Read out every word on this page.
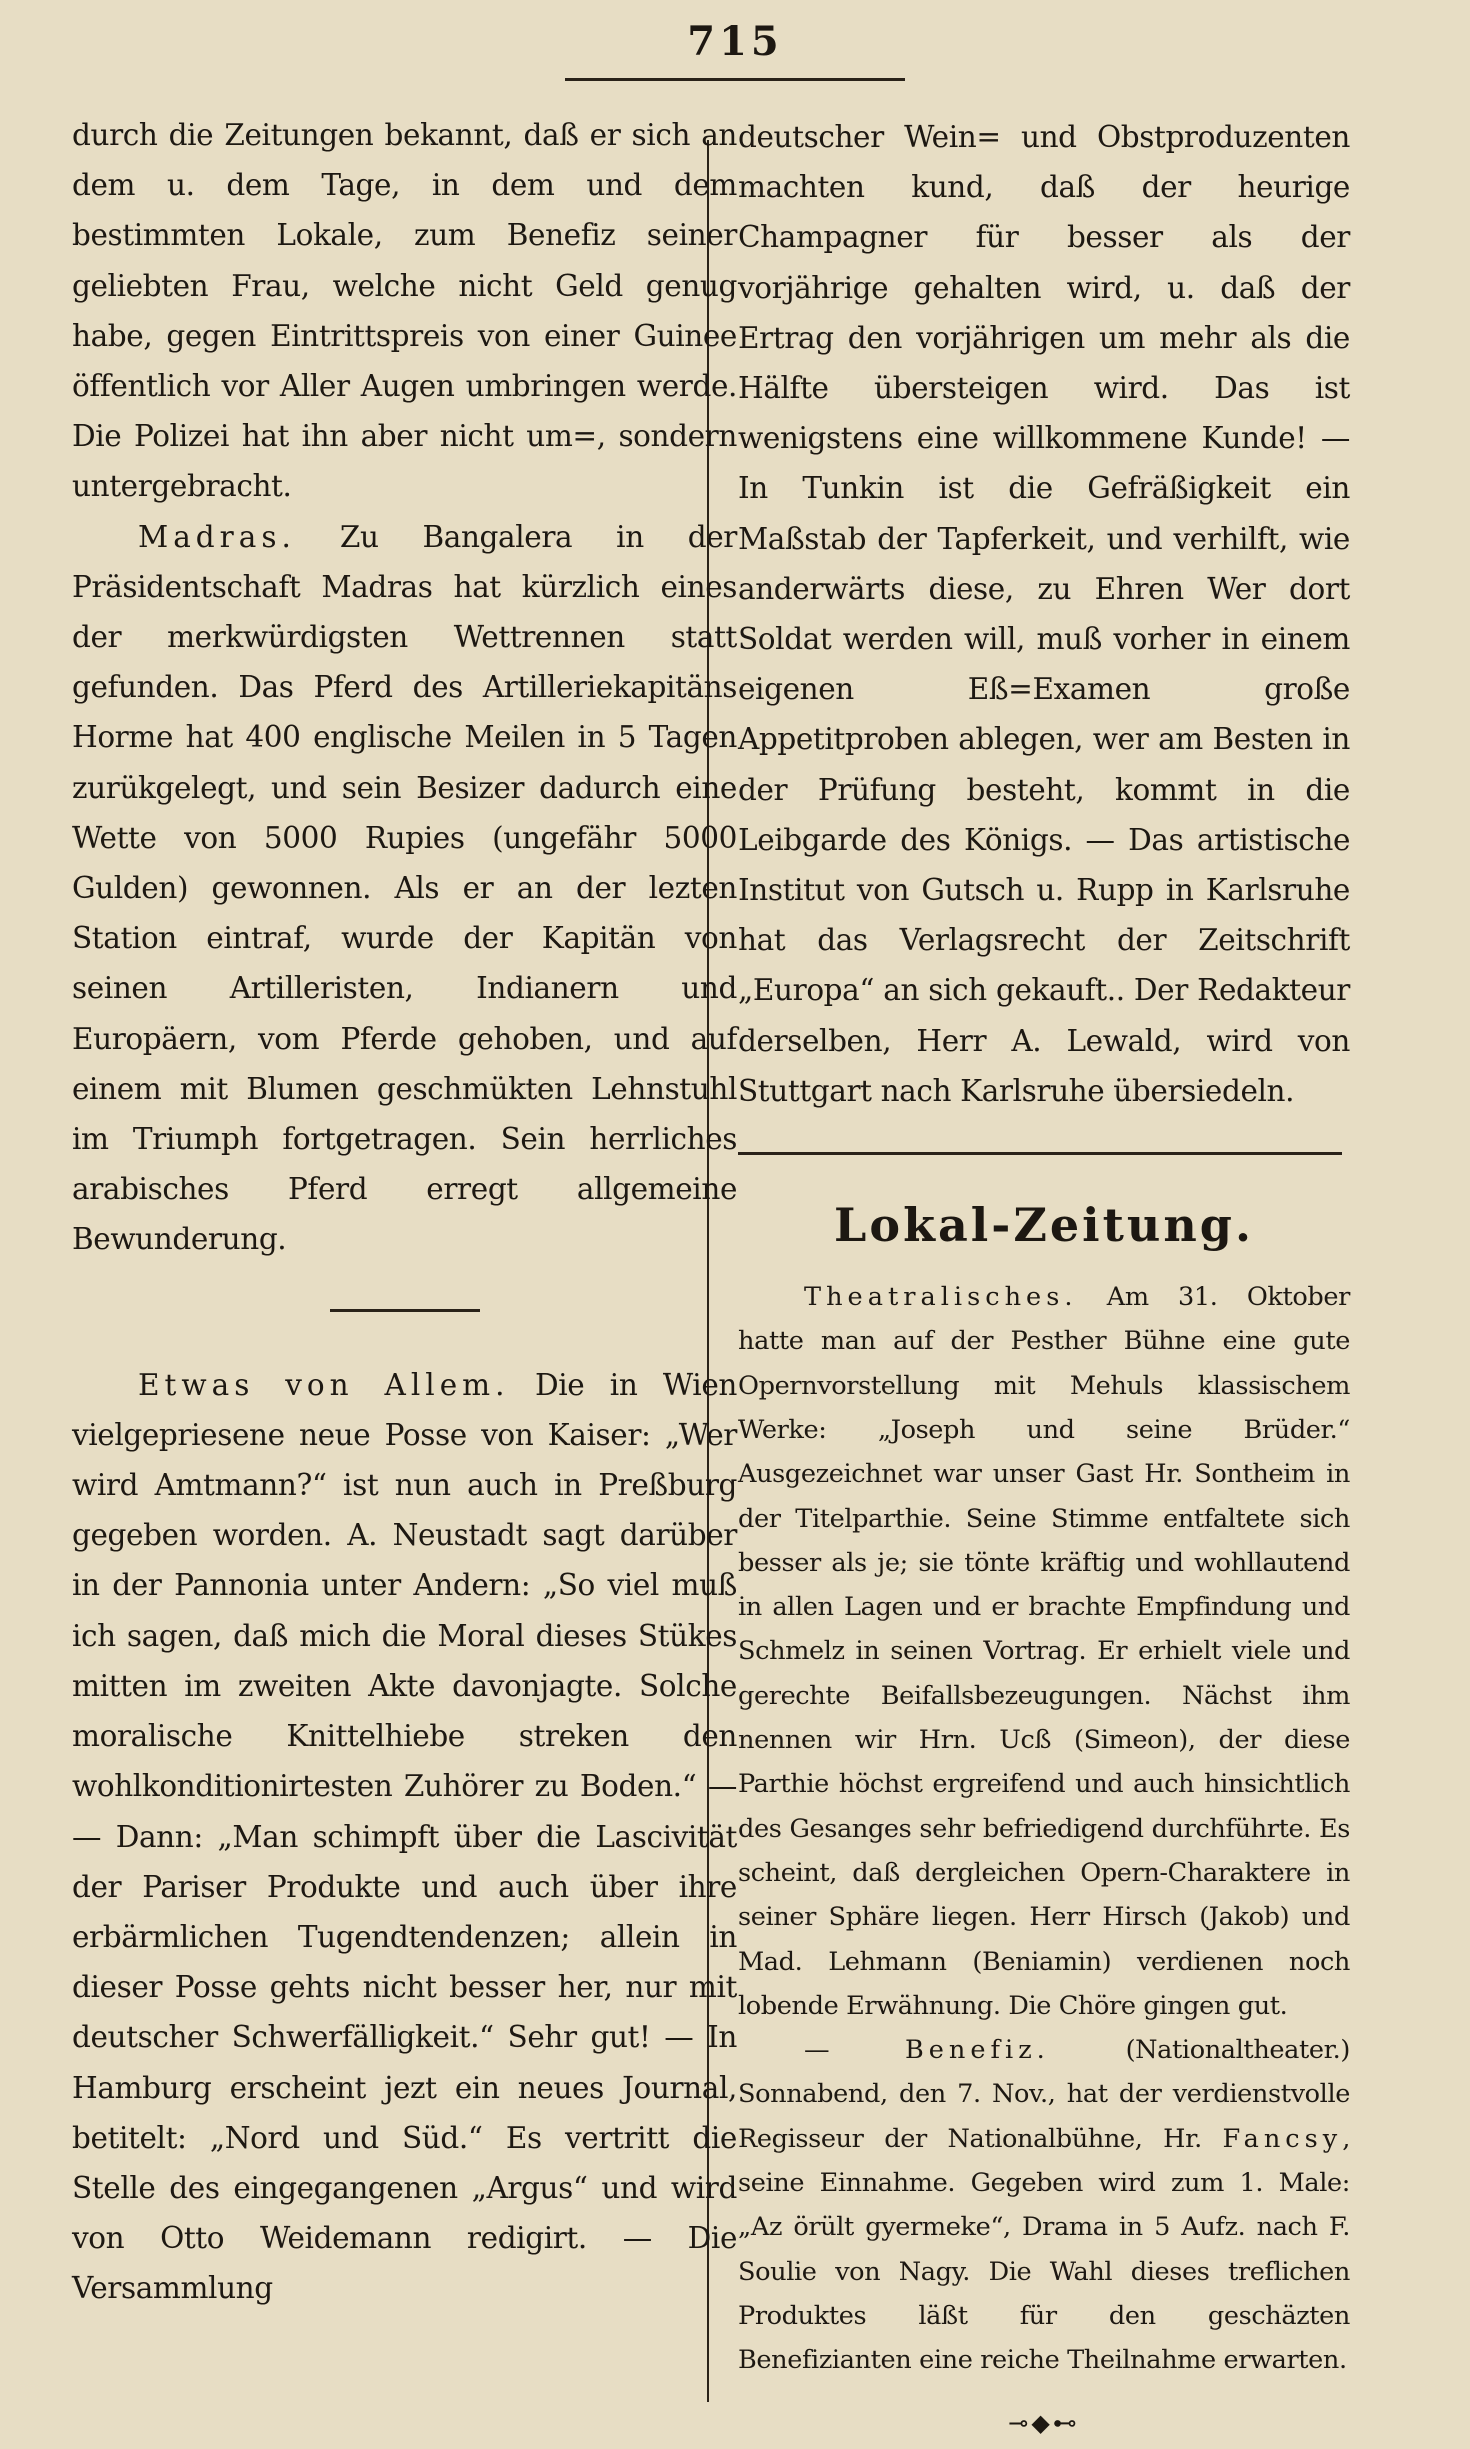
715

durch die Zeitungen bekannt, daß er sich an dem u. dem Tage, in dem und dem bestimmten Lokale, zum Benefiz seiner geliebten Frau, welche nicht Geld genug habe, gegen Eintrittspreis von einer Guinee öffentlich vor Aller Augen umbringen werde. Die Polizei hat ihn aber nicht um=, sondern untergebracht.

Madras. Zu Bangalera in der Präsidentschaft Madras hat kürzlich eines der merkwürdigsten Wettrennen statt gefunden. Das Pferd des Artilleriekapitäns Horme hat 400 englische Meilen in 5 Tagen zurükgelegt, und sein Besizer dadurch eine Wette von 5000 Rupies (ungefähr 5000 Gulden) gewonnen. Als er an der lezten Station eintraf, wurde der Kapitän von seinen Artilleristen, Indianern und Europäern, vom Pferde gehoben, und auf einem mit Blumen geschmükten Lehnstuhl im Triumph fortgetragen. Sein herrliches arabisches Pferd erregt allgemeine Bewunderung.

Etwas von Allem. Die in Wien vielgepriesene neue Posse von Kaiser: „Wer wird Amtmann?“ ist nun auch in Preßburg gegeben worden. A. Neustadt sagt darüber in der Pannonia unter Andern: „So viel muß ich sagen, daß mich die Moral dieses Stükes mitten im zweiten Akte davonjagte. Solche moralische Knittelhiebe streken den wohlkonditionirtesten Zuhörer zu Boden.“ — — Dann: „Man schimpft über die Lascivität der Pariser Produkte und auch über ihre erbärmlichen Tugendtendenzen; allein in dieser Posse gehts nicht besser her, nur mit deutscher Schwerfälligkeit.“ Sehr gut! — In Hamburg erscheint jezt ein neues Journal, betitelt: „Nord und Süd.“ Es vertritt die Stelle des eingegangenen „Argus“ und wird von Otto Weidemann redigirt. — Die Versammlung

deutscher Wein= und Obstproduzenten machten kund, daß der heurige Champagner für besser als der vorjährige gehalten wird, u. daß der Ertrag den vorjährigen um mehr als die Hälfte übersteigen wird. Das ist wenigstens eine willkommene Kunde! — In Tunkin ist die Gefräßigkeit ein Maßstab der Tapferkeit, und verhilft, wie anderwärts diese, zu Ehren Wer dort Soldat werden will, muß vorher in einem eigenen Eß=Examen große Appetitproben ablegen, wer am Besten in der Prüfung besteht, kommt in die Leibgarde des Königs. — Das artistische Institut von Gutsch u. Rupp in Karlsruhe hat das Verlagsrecht der Zeitschrift „Europa“ an sich gekauft.. Der Redakteur derselben, Herr A. Lewald, wird von Stuttgart nach Karlsruhe übersiedeln.

Lokal-Zeitung.

Theatralisches. Am 31. Oktober hatte man auf der Pesther Bühne eine gute Opernvorstellung mit Mehuls klassischem Werke: „Joseph und seine Brüder.“ Ausgezeichnet war unser Gast Hr. Sontheim in der Titelparthie. Seine Stimme entfaltete sich besser als je; sie tönte kräftig und wohllautend in allen Lagen und er brachte Empfindung und Schmelz in seinen Vortrag. Er erhielt viele und gerechte Beifallsbezeugungen. Nächst ihm nennen wir Hrn. Ucß (Simeon), der diese Parthie höchst ergreifend und auch hinsichtlich des Gesanges sehr befriedigend durchführte. Es scheint, daß dergleichen Opern-Charaktere in seiner Sphäre liegen. Herr Hirsch (Jakob) und Mad. Lehmann (Beniamin) verdienen noch lobende Erwähnung. Die Chöre gingen gut.

— Benefiz. (Nationaltheater.) Sonnabend, den 7. Nov., hat der verdienstvolle Regisseur der Nationalbühne, Hr. Fancsy, seine Einnahme. Gegeben wird zum 1. Male: „Az örült gyermeke“, Drama in 5 Aufz. nach F. Soulie von Nagy. Die Wahl dieses treflichen Produktes läßt für den geschäzten Benefizianten eine reiche Theilnahme erwarten.

⊸◆⊷
